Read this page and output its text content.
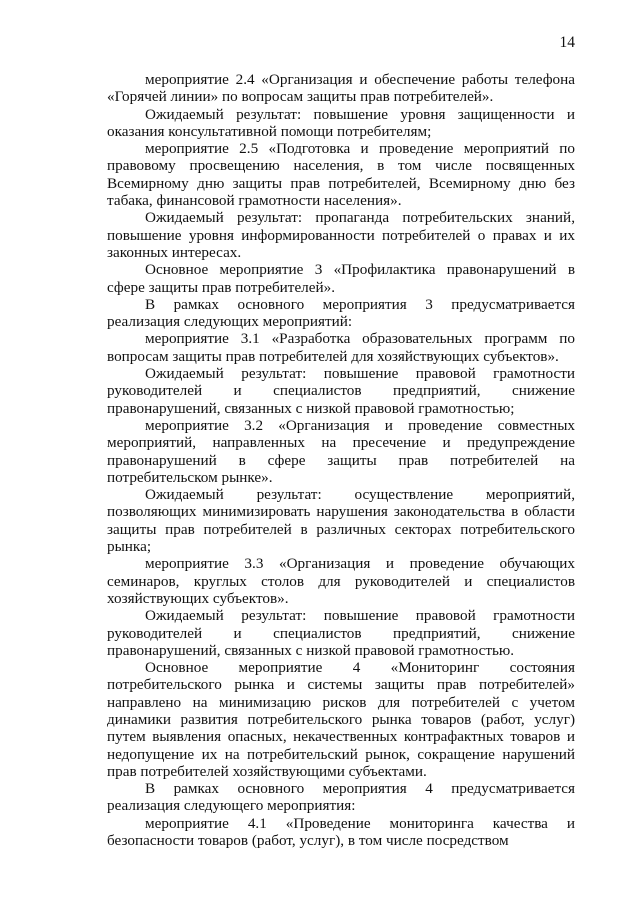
14

мероприятие 2.4 «Организация и обеспечение работы телефона «Горячей линии» по вопросам защиты прав потребителей».

Ожидаемый результат: повышение уровня защищенности и оказания консультативной помощи потребителям;

мероприятие 2.5 «Подготовка и проведение мероприятий по правовому просвещению населения, в том числе посвященных Всемирному дню защиты прав потребителей, Всемирному дню без табака, финансовой грамотности населения».

Ожидаемый результат: пропаганда потребительских знаний, повышение уровня информированности потребителей о правах и их законных интересах.

Основное мероприятие 3 «Профилактика правонарушений в сфере защиты прав потребителей».

В рамках основного мероприятия 3 предусматривается реализация следующих мероприятий:

мероприятие 3.1 «Разработка образовательных программ по вопросам защиты прав потребителей для хозяйствующих субъектов».

Ожидаемый результат: повышение правовой грамотности руководителей и специалистов предприятий, снижение правонарушений, связанных с низкой правовой грамотностью;

мероприятие 3.2 «Организация и проведение совместных мероприятий, направленных на пресечение и предупреждение правонарушений в сфере защиты прав потребителей на потребительском рынке».

Ожидаемый результат: осуществление мероприятий, позволяющих минимизировать нарушения законодательства в области защиты прав потребителей в различных секторах потребительского рынка;

мероприятие 3.3 «Организация и проведение обучающих семинаров, круглых столов для руководителей и специалистов хозяйствующих субъектов».

Ожидаемый результат: повышение правовой грамотности руководителей и специалистов предприятий, снижение правонарушений, связанных с низкой правовой грамотностью.

Основное мероприятие 4 «Мониторинг состояния потребительского рынка и системы защиты прав потребителей» направлено на минимизацию рисков для потребителей с учетом динамики развития потребительского рынка товаров (работ, услуг) путем выявления опасных, некачественных контрафактных товаров и недопущение их на потребительский рынок, сокращение нарушений прав потребителей хозяйствующими субъектами.

В рамках основного мероприятия 4 предусматривается реализация следующего мероприятия:

мероприятие 4.1 «Проведение мониторинга качества и безопасности товаров (работ, услуг), в том числе посредством
